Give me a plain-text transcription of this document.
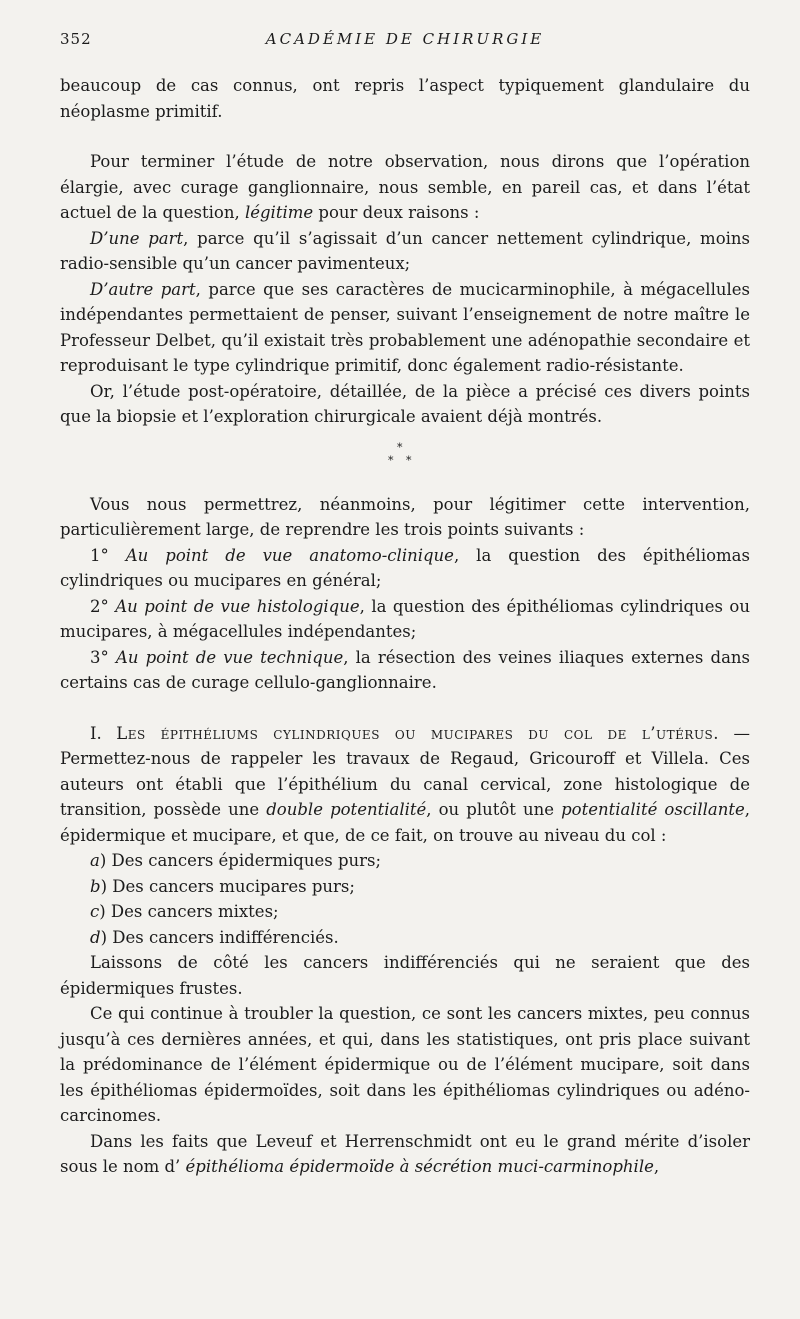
352	ACADÉMIE DE CHIRURGIE

beaucoup de cas connus, ont repris l’aspect typiquement glandulaire du néoplasme primitif.

Pour terminer l’étude de notre observation, nous dirons que l’opération élargie, avec curage ganglionnaire, nous semble, en pareil cas, et dans l’état actuel de la question, légitime pour deux raisons :

D’une part, parce qu’il s’agissait d’un cancer nettement cylindrique, moins radio-sensible qu’un cancer pavimenteux;

D’autre part, parce que ses caractères de mucicarminophile, à mégacellules indépendantes permettaient de penser, suivant l’enseignement de notre maître le Professeur Delbet, qu’il existait très probablement une adénopathie secondaire et reproduisant le type cylindrique primitif, donc également radio-résistante.

Or, l’étude post-opératoire, détaillée, de la pièce a précisé ces divers points que la biopsie et l’exploration chirurgicale avaient déjà montrés.

*
* *

Vous nous permettrez, néanmoins, pour légitimer cette intervention, particulièrement large, de reprendre les trois points suivants :

1° Au point de vue anatomo-clinique, la question des épithéliomas cylindriques ou mucipares en général;

2° Au point de vue histologique, la question des épithéliomas cylindriques ou mucipares, à mégacellules indépendantes;

3° Au point de vue technique, la résection des veines iliaques externes dans certains cas de curage cellulo-ganglionnaire.

I. Les épithéliums cylindriques ou mucipares du col de l’utérus. — Permettez-nous de rappeler les travaux de Regaud, Gricouroff et Villela. Ces auteurs ont établi que l’épithélium du canal cervical, zone histologique de transition, possède une double potentialité, ou plutôt une potentialité oscillante, épidermique et mucipare, et que, de ce fait, on trouve au niveau du col :

a) Des cancers épidermiques purs;

b) Des cancers mucipares purs;

c) Des cancers mixtes;

d) Des cancers indifférenciés.

Laissons de côté les cancers indifférenciés qui ne seraient que des épidermiques frustes.

Ce qui continue à troubler la question, ce sont les cancers mixtes, peu connus jusqu’à ces dernières années, et qui, dans les statistiques, ont pris place suivant la prédominance de l’élément épidermique ou de l’élément mucipare, soit dans les épithéliomas épidermoïdes, soit dans les épithéliomas cylindriques ou adéno-carcinomes.

Dans les faits que Leveuf et Herrenschmidt ont eu le grand mérite d’isoler sous le nom d’ épithélioma épidermoïde à sécrétion muci-carminophile,
